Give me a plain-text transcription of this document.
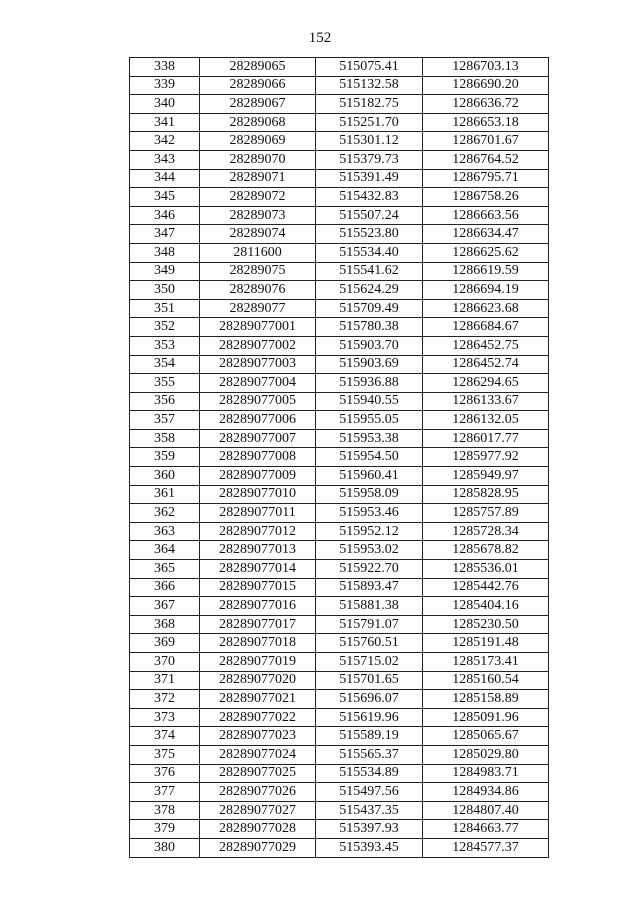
152
338	28289065	515075.41	1286703.13
339	28289066	515132.58	1286690.20
340	28289067	515182.75	1286636.72
341	28289068	515251.70	1286653.18
342	28289069	515301.12	1286701.67
343	28289070	515379.73	1286764.52
344	28289071	515391.49	1286795.71
345	28289072	515432.83	1286758.26
346	28289073	515507.24	1286663.56
347	28289074	515523.80	1286634.47
348	2811600	515534.40	1286625.62
349	28289075	515541.62	1286619.59
350	28289076	515624.29	1286694.19
351	28289077	515709.49	1286623.68
352	28289077001	515780.38	1286684.67
353	28289077002	515903.70	1286452.75
354	28289077003	515903.69	1286452.74
355	28289077004	515936.88	1286294.65
356	28289077005	515940.55	1286133.67
357	28289077006	515955.05	1286132.05
358	28289077007	515953.38	1286017.77
359	28289077008	515954.50	1285977.92
360	28289077009	515960.41	1285949.97
361	28289077010	515958.09	1285828.95
362	28289077011	515953.46	1285757.89
363	28289077012	515952.12	1285728.34
364	28289077013	515953.02	1285678.82
365	28289077014	515922.70	1285536.01
366	28289077015	515893.47	1285442.76
367	28289077016	515881.38	1285404.16
368	28289077017	515791.07	1285230.50
369	28289077018	515760.51	1285191.48
370	28289077019	515715.02	1285173.41
371	28289077020	515701.65	1285160.54
372	28289077021	515696.07	1285158.89
373	28289077022	515619.96	1285091.96
374	28289077023	515589.19	1285065.67
375	28289077024	515565.37	1285029.80
376	28289077025	515534.89	1284983.71
377	28289077026	515497.56	1284934.86
378	28289077027	515437.35	1284807.40
379	28289077028	515397.93	1284663.77
380	28289077029	515393.45	1284577.37
